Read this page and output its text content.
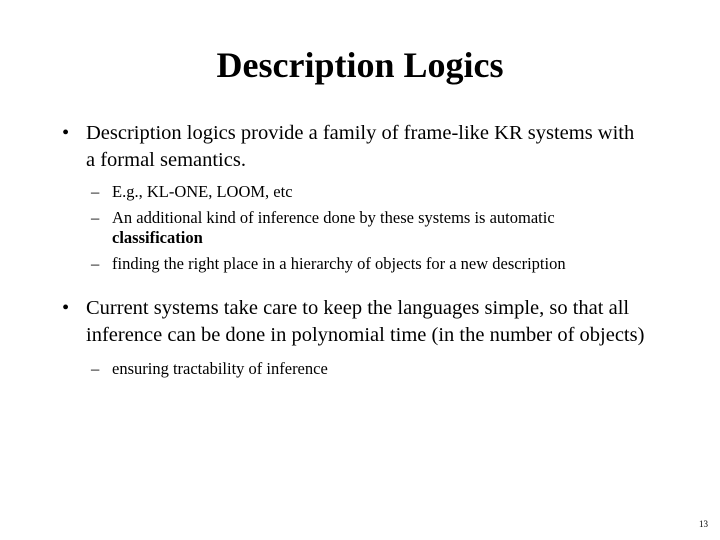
Description Logics
• Description logics provide a family of frame-like KR systems with a formal semantics.
– E.g., KL-ONE, LOOM, etc
– An additional kind of inference done by these systems is automatic
classification
– finding the right place in a hierarchy of objects for a new description
• Current systems take care to keep the languages simple, so that all inference can be done in polynomial time (in the number of objects)
– ensuring tractability of inference
13
